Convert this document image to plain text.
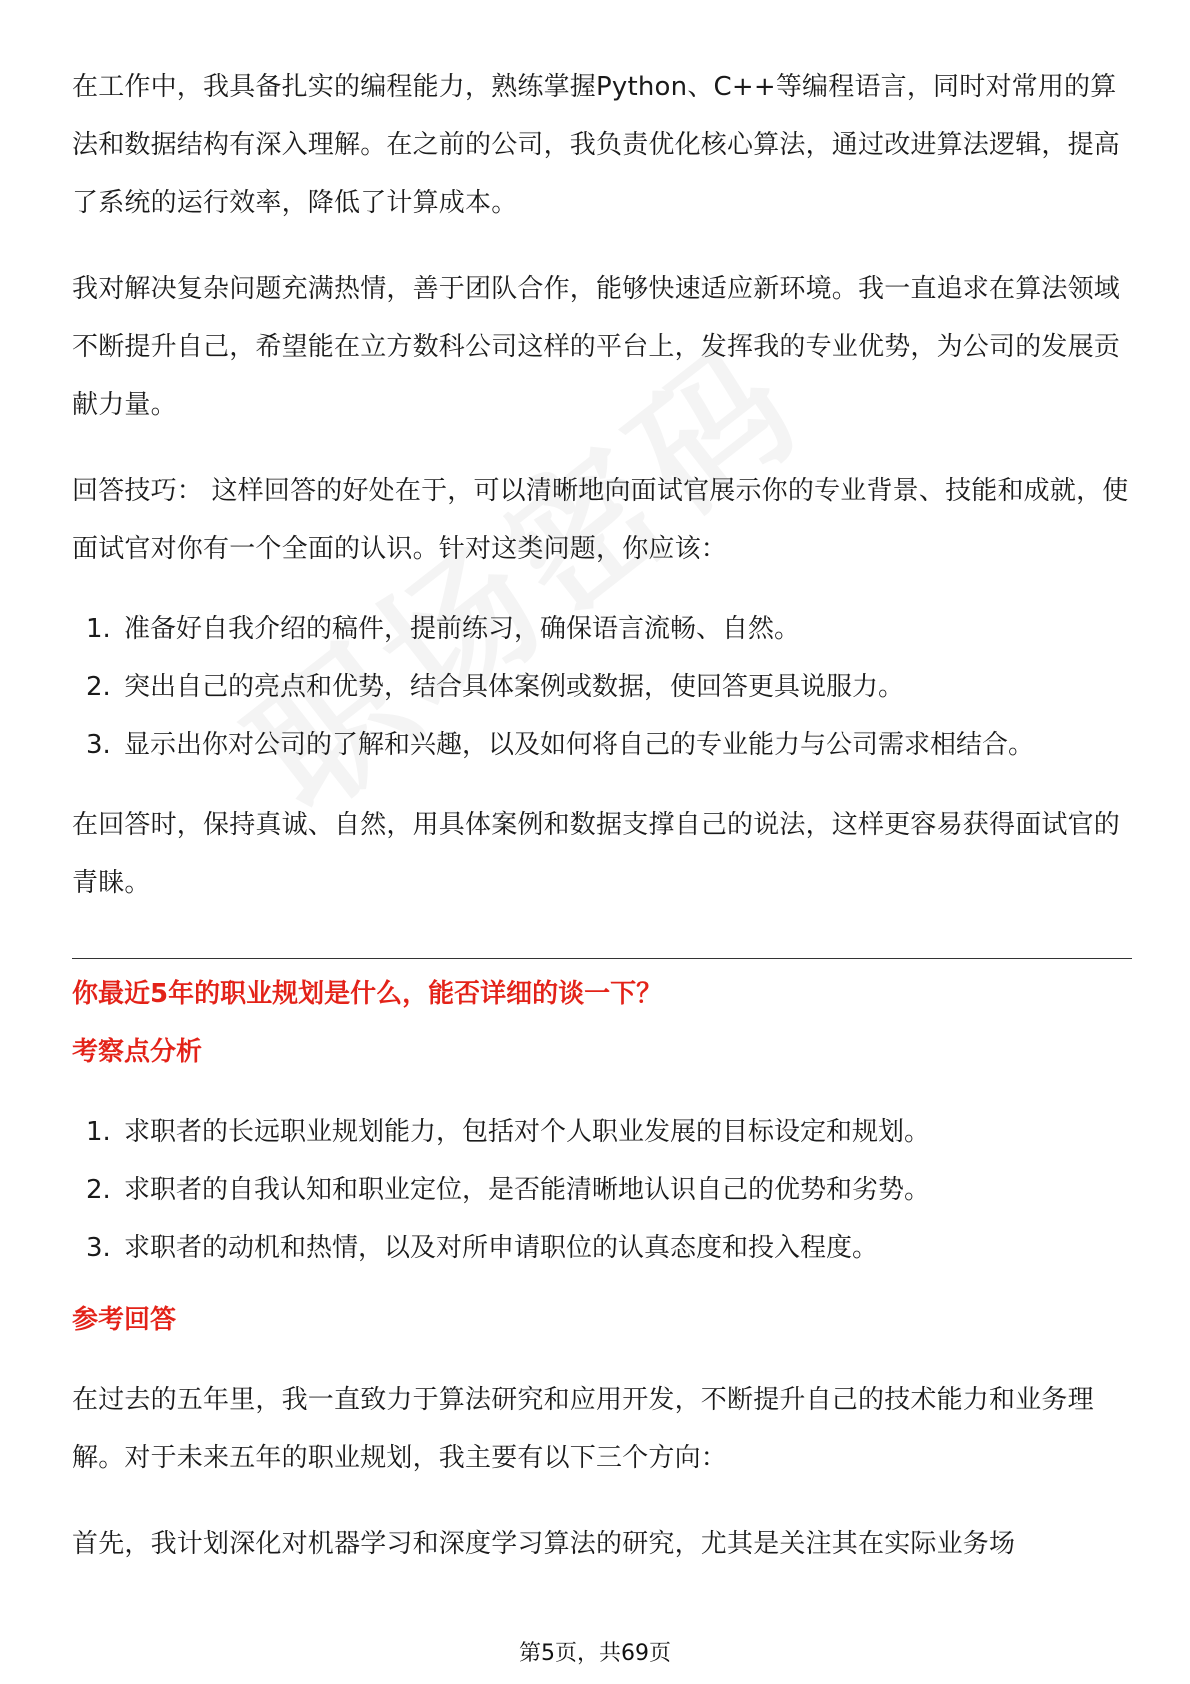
在工作中，我具备扎实的编程能力，熟练掌握Python、C++等编程语言，同时对常用的算法和数据结构有深入理解。在之前的公司，我负责优化核心算法，通过改进算法逻辑，提高了系统的运行效率，降低了计算成本。

我对解决复杂问题充满热情，善于团队合作，能够快速适应新环境。我一直追求在算法领域不断提升自己，希望能在立方数科公司这样的平台上，发挥我的专业优势，为公司的发展贡献力量。

回答技巧： 这样回答的好处在于，可以清晰地向面试官展示你的专业背景、技能和成就，使面试官对你有一个全面的认识。针对这类问题，你应该：

1. 准备好自我介绍的稿件，提前练习，确保语言流畅、自然。
2. 突出自己的亮点和优势，结合具体案例或数据，使回答更具说服力。
3. 显示出你对公司的了解和兴趣，以及如何将自己的专业能力与公司需求相结合。

在回答时，保持真诚、自然，用具体案例和数据支撑自己的说法，这样更容易获得面试官的青睐。

你最近5年的职业规划是什么，能否详细的谈一下？

考察点分析

1. 求职者的长远职业规划能力，包括对个人职业发展的目标设定和规划。
2. 求职者的自我认知和职业定位，是否能清晰地认识自己的优势和劣势。
3. 求职者的动机和热情，以及对所申请职位的认真态度和投入程度。

参考回答

在过去的五年里，我一直致力于算法研究和应用开发，不断提升自己的技术能力和业务理解。对于未来五年的职业规划，我主要有以下三个方向：

首先，我计划深化对机器学习和深度学习算法的研究，尤其是关注其在实际业务场

第5页，共69页
